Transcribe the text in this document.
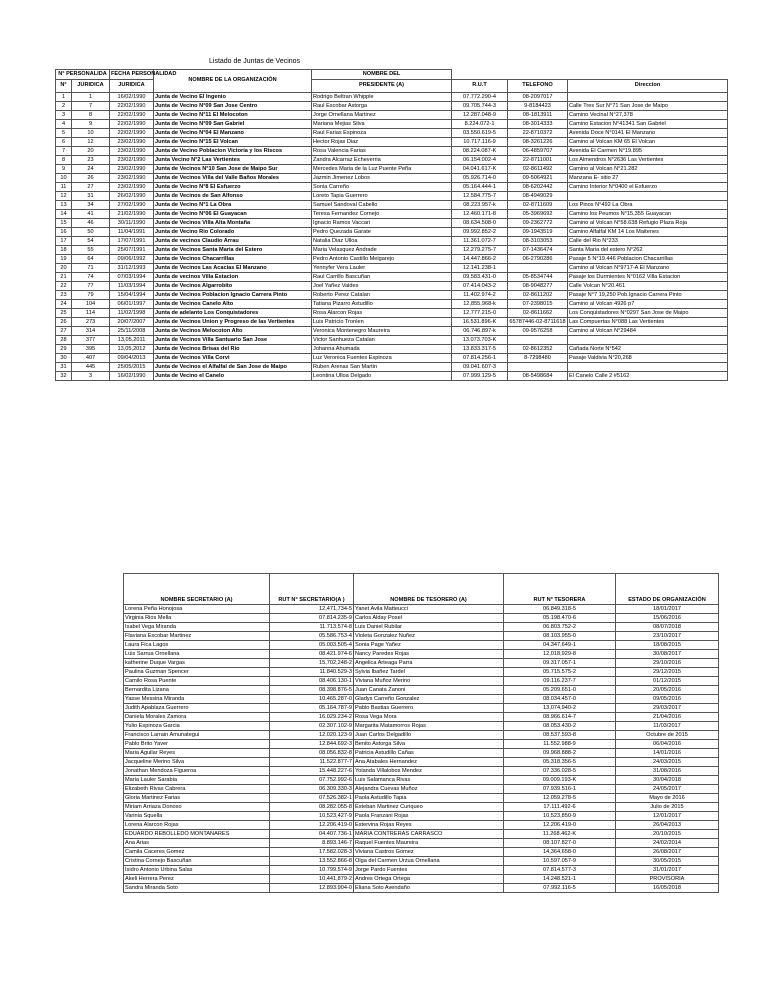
Listado de Juntas de Vecinos
N° PERSONALIDA		FECHA PERSONALIDAD	NOMBRE DE LA ORGANIZACIÓN	NOMBRE DEL			
N°	JURIDICA	JURIDICA		PRESIDENTE (A)	R.U.T	TELEFONO	Direccion
1	1	16/02/1990	Junta de Vecino El Ingenio	Rodrigo Beltran Whipple	07.772.290-4	08-2097017	
2	7	22/02/1990	Junta de Vecino N°09 San Jose Centro	Raul Escobar Astorga	09.705.744-3	9-8184423	Calle Tres Sur N°71 San Jose de Maipo
3	8	22/02/1990	Junta de Vecino N°11 El Melocoton	Jorge Ornellana Martinez	12.287.048-9	08-1813911	Camino Vecinal N°27,378
4	9	22/02/1990	Junta de Vecino N°09 San Gabriel	Mariana Mejias Silva	8.224.072-1	08-3014333	Camino Estacion N°41341 San Gabriel
5	10	22/02/1990	Junta de Vecino N°04 El Manzano	Raul Farias Espinoza	03.550.619-5	22-8710372	Avenida Doce N°0141 El Manzano
6	12	23/02/1990	Junta de Vecino N°15 El Volcan	Hector Rojas Diaz	10.717.116-9	08-3261226	Camino al Volcan KM 65 El Volcan
7	20	23/02/1990	Junta de Vecino Poblacion Victoria y los Riscos	Rosa Valencia Farias	08.224.087-K	06-4859707	Avenida El Carmen N°19.895
8	23	23/02/1990	Junta Vecino N°2 Las Vertientes	Zandra Alcarraz Echeverria	06.154.002-4	22-8711001	Los Almendros N°2636 Las Vertientes
9	24	23/02/1990	Junta de Vecinos N°10 San Jose de Maipo Sur	Mercedes Maria de la Luz Puente Peña	04.041.617-K	02-8611492	Camino al Volcan N°21.282
10	26	23/02/1990	Junta de Vecinos Villa del Valle Baños Morales	Jazmin Jimenez Lobos	05.926.714-0	09-5064921	Manzana E- sitio 27
11	27	23/02/1990	Junta de Vecino N°8 El Esfuerzo	Sonia Carreño	05.164.444-1	08-6202442	Camino Interior N°0400 el Esfuerzo
12	31	26/02/1990	Junta de Vecinos de San Alfonso	Loreto Tapia Guerrero	12.584.775-7	08-4949029	
13	34	27/02/1990	Junta de Vecino N°1 La Obra	Samuel Sandoval Cabello	08.223.957-k	02-8711609	Los Pinos N°492 La Obra
14	41	21/02/1990	Junta de Vecino N°06 El Guayacan	Teresa Fernandez Cornejo	12.460.171-8	05-3969692	Camino los Peumos N°15,355 Guayacan
15	46	30/11/1990	Junta de Vecinos Villa Alta Montaña	Ignacio Ramos Vaccari	08.634.508-0	09-2362772	Camino al Volcan N°58.638 Refugio Plaza Roja
16	50	11/04/1991	Junta de Vecino Rio Colorado	Pedro Quezada Garate	09.992.852-2	09-1943519	Camino Alfalfal KM 14 Los Maitenes
17	54	17/07/1991	Junta de vecinos Claudio Arrau	Natalia Diaz Ulloa	11.361.072-7	08-3103053	Calle del Rio N°233
18	55	25/07/1991	Junta de Vecinos Santa Maria del Estero	Maria Velasquez Andrade	12.279.275-7	07-1436474	Santa Maria del estero N°262
19	64	09/06/1992	Junta de Vecinos Chacarrillas	Pedro Antonio Castillo Melgarejo	14.447.866-2	06-2790286	Pasaje 5 N°19.446 Poblacion Chacarrillas
20	71	31/12/1993	Junta de Vecinos Las Acacias El Manzano	Yennyfer Vera Lauler	12.141.238-1		Camino al Volcan N°9717-A El Manzano
21	74	07/03/1994	Junta de vecinos Villa Estacion	Raul Carrillo Bascuñan	09.583.431-0	05-8534744	Pasaje los Durmientes N°0162 Villa Estacion
22	77	11/03/1994	Junta de Vecinos Algarrobito	Joel Yañez Valdes	07.414.043-2	08-9048277	Calle Volcan N°20.461
23	79	15/04/1994	Junta de Vecinos Poblacion Ignacio Carrera Pinto	Roberto Perez Catalan	11.402.974-2	02-8611202	Pasaje N°7 19,250 Pob.Ignacio Carrera Pinto
24	104	06/01/1997	Junta de Vecinos Canelo Alto	Tatiana Pizarro Astudillo	12,855,968-k	07-2398015	Camino al Volcan 4926 p7
25	114	11/02/1998	Junta de adelanto Los Conquistadores	Rosa Alarcon Rojas	12.777.215-0	02-8611662	Los Conquistadores N°0297 San Jose de Maipo
26	273	20/07/2007	Junta de Vecinos Union y Progreso de las Vertientes	Luis Patricio Tronlen	16.531.896-K	65787446-02-8711618	Las Compuertas N°088 Las Vertientes
27	314	25/11/2008	Junta de Vecinos Melocoton Alto	Veronica Montenegro Maureira	06.746.897-k	09-9576258	Camino al Volcan N°29484
28	377	13,05,2011	Junta de Vecinos Villa Santuario San Jose	Victor Sanhueza Catalan	13.073.703-K		
29	395	13,05,2012	Junta de Vecinos Brisas del Rio	Johanna Ahumada	13.833.317-5	02-8612352	Cañada Norte N°542
30	407	09/04/2013	Junta de Vecinos Villa Corvi	Luz Veronica Fuentes Espinoza	07.814.256-1	8-7298480	Pasaje Valdivia N°20,268
31	445	25/05/2015	Junta de Vecinos el Alfalfal de San Jose de Maipo	Ruben Arenas San Martin	09.041.607-3		
32	3	16/02/1990	Junta de Vecino el Canelo	Leontina Ulloa Delgado	07.999.129-5	08-5498684	El Canelo Calle 2 #5162
NOMBRE SECRETARIO (A)	RUT N° SECRETARIO(A )	NOMBRE DE TESORERO (A)	RUT N° TESORERA	ESTADO DE ORGANIZACIÓN
Lorena Peña Honojosa	12,471,734-5	Yanet Avila Matteucci	06.849.318-5	18/01/2017
Virginia Rios Mella	07.814.235-9	Carlos Alday Posel	05.198.470-6	15/06/2016
Isabel Vega Miranda	11.713.574-8	Luis Daniel Rubilar	06.803.752-2	08/07/2018
Flaviana Escobar Martinez	05.586.753-4	Violeta Gonzalez Nuñez	08.103.955-0	23/10/2017
Laura Fica Lagos	05.003.505-4	Sonia Page Yañez	04.347.649-1	18/08/2015
Luis Sarrua Ornellana	08.421.974-6	Nancy Paredes Rojas	12,018,929-8	30/08/2017
katherine Duque Vargas	15,702,248-2	Angelica Arteaga Parra	09.317.057-1	29/10/2016
Paulina Guzman Spencer	11.840.529-3	Sylvia Ibañez Tardel	05.715.575-2	29/12/2015
Camilo Rosa Puente	08.406.130-1	Viviana Muñoz Merino	09.116.237-7	01/12/2015
Bernardita Lizana	08.398.876-5	Juan Canata Zanoni	05.209.651-0	20/05/2016
Yasse Messina Miranda	10.465.287-0	Gladys Carreño Gonzalez	08.034.457-0	09/05/2016
Judith Apablaza Guerrero	05.164.787-9	Pablo Bastias Guerrero	13,074,940-2	29/03/2017
Daniela Morales Zamora	16.029.234-2	Rosa Vega Mora	08.966.614-7	21/04/2016
Yulio Espinoza Garcia	02.307.102-9	Margarita Matamorros Rojas	08.053.430-2	11/03/2017
Francisco Larrain Amunategui	12.020.123-9	Juan Carlos Delgadillo	08.537.593-8	Octubre de 2015
Pablo Brito Yaver	12.844.692-3	Benito Astorga Silva	11.552.988-9	06/04/2016
Maria Aguilar Reyes	08.056.832-8	Patricia Astudillo Cañas	09.968.888-2	14/01/2016
Jacqueline Merino Silva	11.522.877-7	Ana Atabales Hernandez	05.318.356-5	24/03/2015
Jonathan Mendoza Figueroa	15.448.227-6	Yolanda Villalobos Mendez	07.336.028-5	31/08/2016
Maria Lauler Sarabia	07.752.992-6	Luis Salamanca Rivas	09.009.193-K	30/04/2018
Elizabeth Rivas Cabrera	06.309.330-3	Alejandra Cuevas Muñoz	07.939.516-1	24/05/2017
Gloria Martinez Farias	07.526.382-1	Paola Astudillo Tapia	12.059.278-5	Mayo de 2016
Miriam Arriaza Donoso	08.282.055-8	Esteban Martinez Curiqueo	17.111.492-6	Julio de 2015
Varinia Squella	10,523,427-9	Paola Franzani Rojas	10,523,850-9	12/01/2017
Lorena Alarcon Rojas	12.206.419-0	Estervina Rojas Reyes	12.206.419-0	26/04/2013
EDUARDO REBOLLEDO MONTANARES	04.407.736-1	MARIA CONTRERAS CARRASCO	11.268.462-K	20/10/2015
Ana Arias	8.893.146-7	Raquel Fuentes Maureira	08.107.827-0	24/02/2014
Camila Caceres Gomez	17.582.028-3	Viviana Castros Gomez	14,364,658-0	26/08/2017
Cristina Cornejo Bascuñan	13.552.866-8	Olga del Carmen Urzua Ornellana	10.597.057-9	30/05/2015
Isidro Antonio Urbina Salas	10.799.574-9	Jorge Pardo Fuentes	07.814.577-3	31/01/2017
Akeli Herrera Perez	10,441,879-2	Andres Ortega Ortega	14.248.521-1	PROVISORIA
Sandra Miranda Soto	12.893.904-0	Eliana Soto Avendaño	07.992.116-5	16/05/2018
